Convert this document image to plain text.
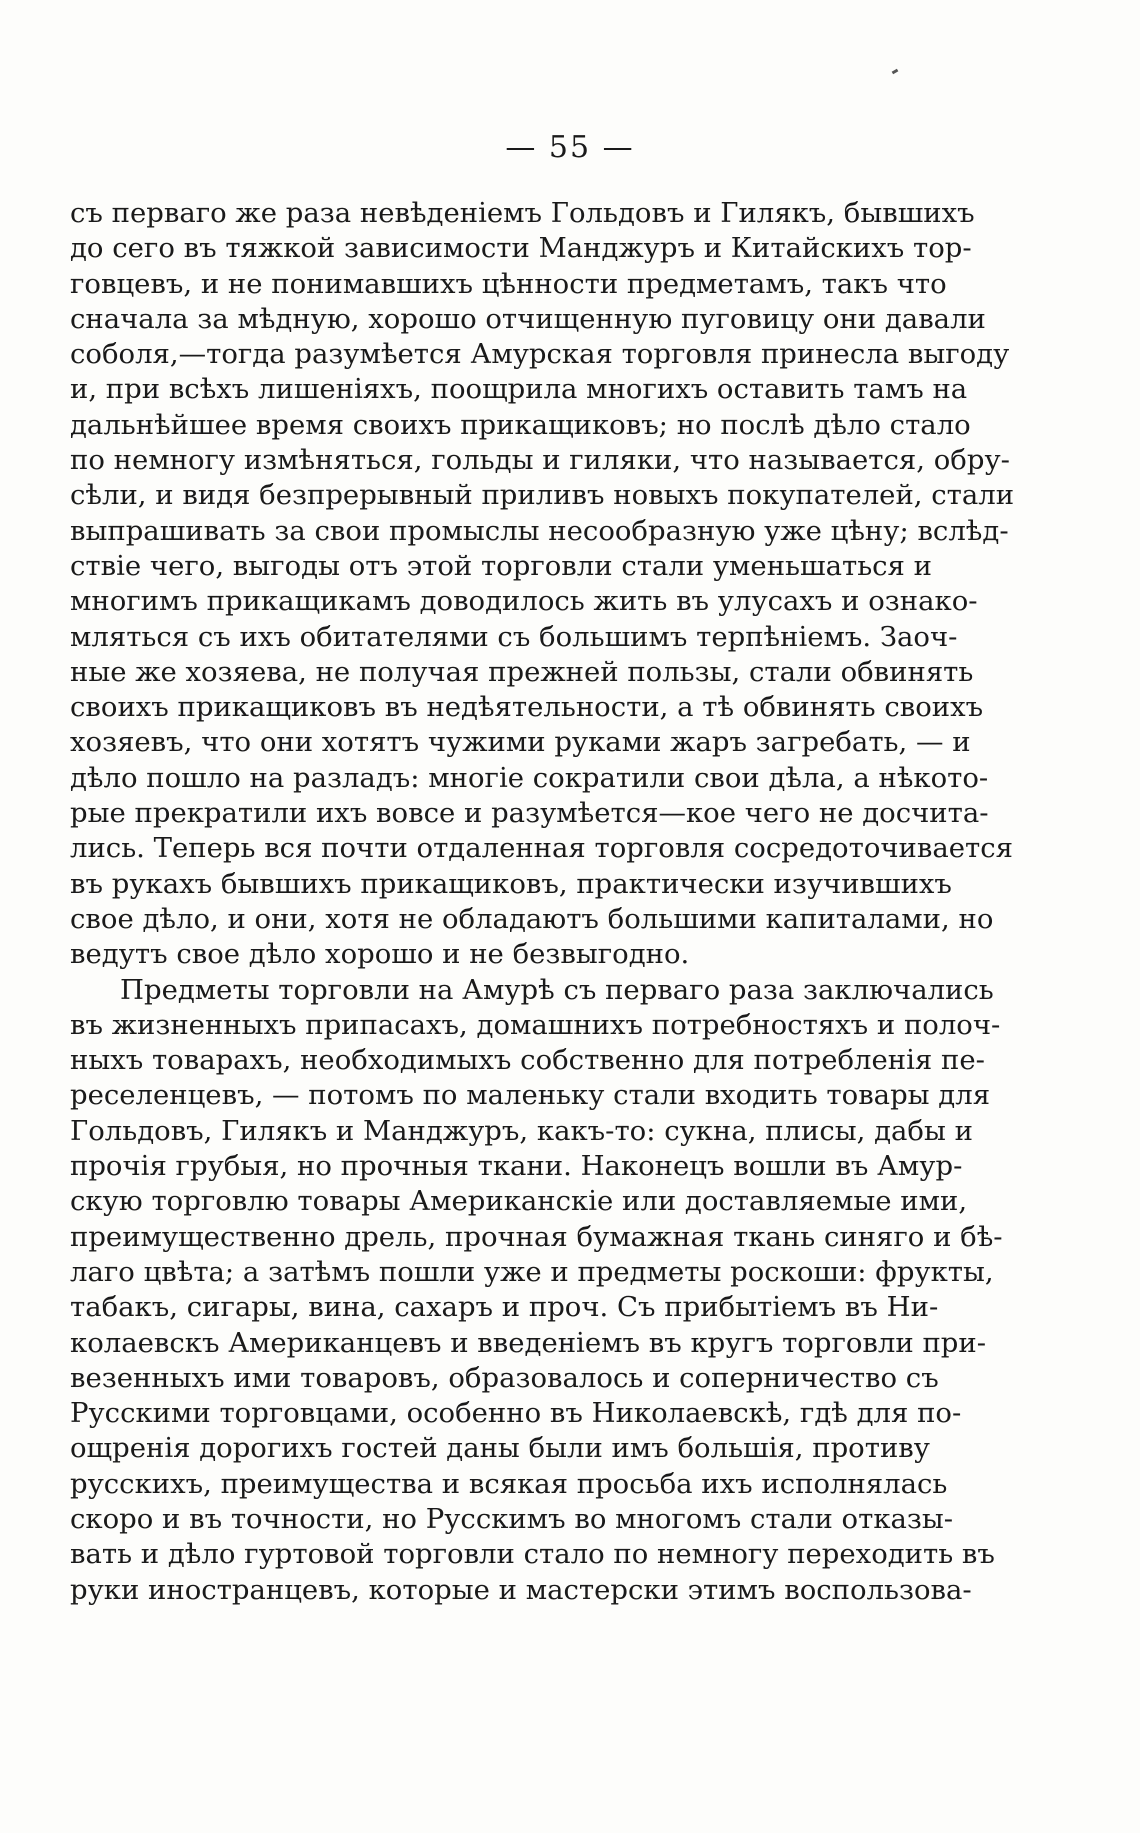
— 55 —
съ перваго же раза невѣденіемъ Гольдовъ и Гилякъ, бывшихъ
до сего въ тяжкой зависимости Манджуръ и Китайскихъ тор-
говцевъ, и не понимавшихъ цѣнности предметамъ, такъ что
сначала за мѣдную, хорошо отчищенную пуговицу они давали
соболя,—тогда разумѣется Амурская торговля принесла выгоду
и, при всѣхъ лишеніяхъ, поощрила многихъ оставить тамъ на
дальнѣйшее время своихъ прикащиковъ; но послѣ дѣло стало
по немногу измѣняться, гольды и гиляки, что называется, обру-
сѣли, и видя безпрерывный приливъ новыхъ покупателей, стали
выпрашивать за свои промыслы несообразную уже цѣну; вслѣд-
ствіе чего, выгоды отъ этой торговли стали уменьшаться и
многимъ прикащикамъ доводилось жить въ улусахъ и ознако-
мляться съ ихъ обитателями съ большимъ терпѣніемъ. Заоч-
ные же хозяева, не получая прежней пользы, стали обвинять
своихъ прикащиковъ въ недѣятельности, а тѣ обвинять своихъ
хозяевъ, что они хотятъ чужими руками жаръ загребать, — и
дѣло пошло на разладъ: многіе сократили свои дѣла, а нѣкото-
рые прекратили ихъ вовсе и разумѣется—кое чего не досчита-
лись. Теперь вся почти отдаленная торговля сосредоточивается
въ рукахъ бывшихъ прикащиковъ, практически изучившихъ
свое дѣло, и они, хотя не обладаютъ большими капиталами, но
ведутъ свое дѣло хорошо и не безвыгодно.
Предметы торговли на Амурѣ съ перваго раза заключались
въ жизненныхъ припасахъ, домашнихъ потребностяхъ и полоч-
ныхъ товарахъ, необходимыхъ собственно для потребленія пе-
реселенцевъ, — потомъ по маленьку стали входить товары для
Гольдовъ, Гилякъ и Манджуръ, какъ-то: сукна, плисы, дабы и
прочія грубыя, но прочныя ткани. Наконецъ вошли въ Амур-
скую торговлю товары Американскіе или доставляемые ими,
преимущественно дрель, прочная бумажная ткань синяго и бѣ-
лаго цвѣта; а затѣмъ пошли уже и предметы роскоши: фрукты,
табакъ, сигары, вина, сахаръ и проч. Съ прибытіемъ въ Ни-
колаевскъ Американцевъ и введеніемъ въ кругъ торговли при-
везенныхъ ими товаровъ, образовалось и соперничество съ
Русскими торговцами, особенно въ Николаевскѣ, гдѣ для по-
ощренія дорогихъ гостей даны были имъ большія, противу
русскихъ, преимущества и всякая просьба ихъ исполнялась
скоро и въ точности, но Русскимъ во многомъ стали отказы-
вать и дѣло гуртовой торговли стало по немногу переходить въ
руки иностранцевъ, которые и мастерски этимъ воспользова-
